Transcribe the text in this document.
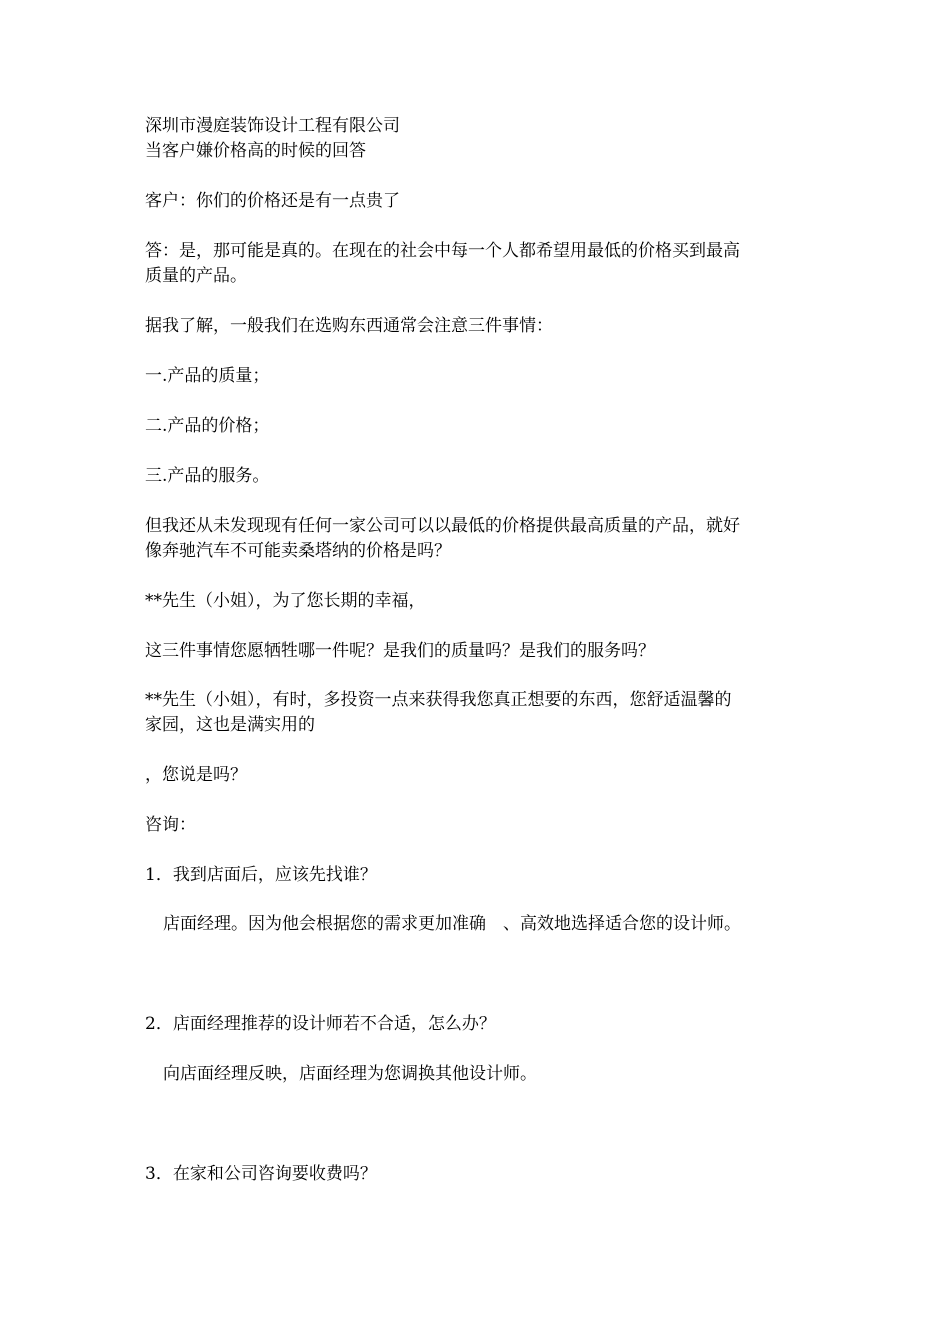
深圳市漫庭装饰设计工程有限公司
当客户嫌价格高的时候的回答
客户：你们的价格还是有一点贵了
答：是，那可能是真的。在现在的社会中每一个人都希望用最低的价格买到最高
质量的产品。
据我了解，一般我们在选购东西通常会注意三件事情：
一.产品的质量；
二.产品的价格；
三.产品的服务。
但我还从未发现现有任何一家公司可以以最低的价格提供最高质量的产品，就好
像奔驰汽车不可能卖桑塔纳的价格是吗？
**先生（小姐），为了您长期的幸福，
这三件事情您愿牺牲哪一件呢？是我们的质量吗？是我们的服务吗？
**先生（小姐），有时，多投资一点来获得我您真正想要的东西，您舒适温馨的
家园，这也是满实用的
，您说是吗？
咨询：
1．我到店面后，应该先找谁？
店面经理。因为他会根据您的需求更加准确　、高效地选择适合您的设计师。
2．店面经理推荐的设计师若不合适，怎么办？
向店面经理反映，店面经理为您调换其他设计师。
3．在家和公司咨询要收费吗？
